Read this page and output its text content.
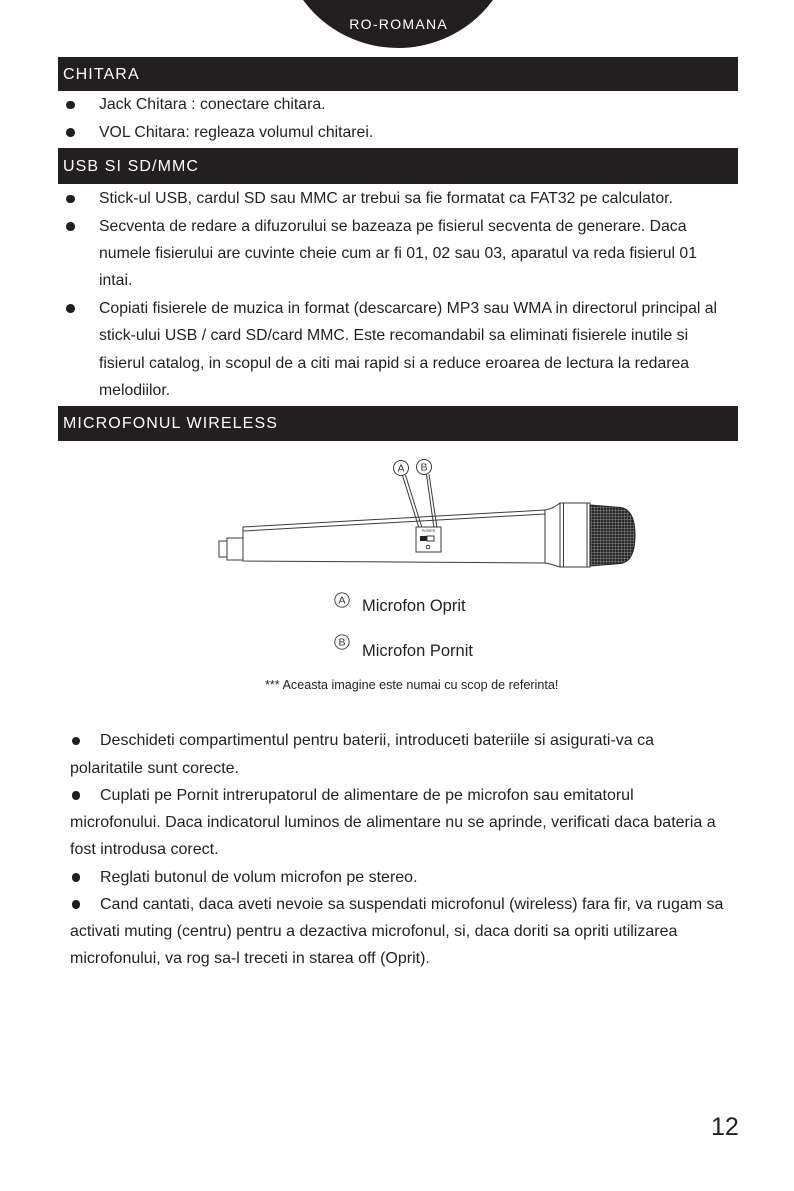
RO-ROMANA
CHITARA
Jack Chitara : conectare chitara.
VOL Chitara: regleaza volumul chitarei.
USB SI SD/MMC
Stick-ul USB, cardul SD sau MMC ar trebui sa fie formatat ca FAT32 pe calculator.
Secventa de redare a difuzorului se bazeaza pe fisierul secventa de generare. Daca
numele fisierului are cuvinte cheie cum ar fi 01, 02 sau 03, aparatul va reda fisierul 01
intai.
Copiati fisierele de muzica in format (descarcare) MP3 sau WMA in directorul principal al
stick-ului USB / card SD/card MMC. Este recomandabil sa eliminati fisierele inutile si
fisierul catalog, in scopul de a citi mai rapid si a reduce eroarea de lectura la redarea
melodiilor.
MICROFONUL WIRELESS
A B
POWER
A Microfon Oprit
B Microfon Pornit
*** Aceasta imagine este numai cu scop de referinta!
Deschideti compartimentul pentru baterii, introduceti bateriile si asigurati-va ca
polaritatile sunt corecte.
Cuplati pe Pornit intrerupatorul de alimentare de pe microfon sau emitatorul
microfonului. Daca indicatorul luminos de alimentare nu se aprinde, verificati daca bateria a
fost introdusa corect.
Reglati butonul de volum microfon pe stereo.
Cand cantati, daca aveti nevoie sa suspendati microfonul (wireless) fara fir, va rugam sa
activati muting (centru) pentru a dezactiva microfonul, si, daca doriti sa opriti utilizarea
microfonului, va rog sa-l treceti in starea off (Oprit).
12
